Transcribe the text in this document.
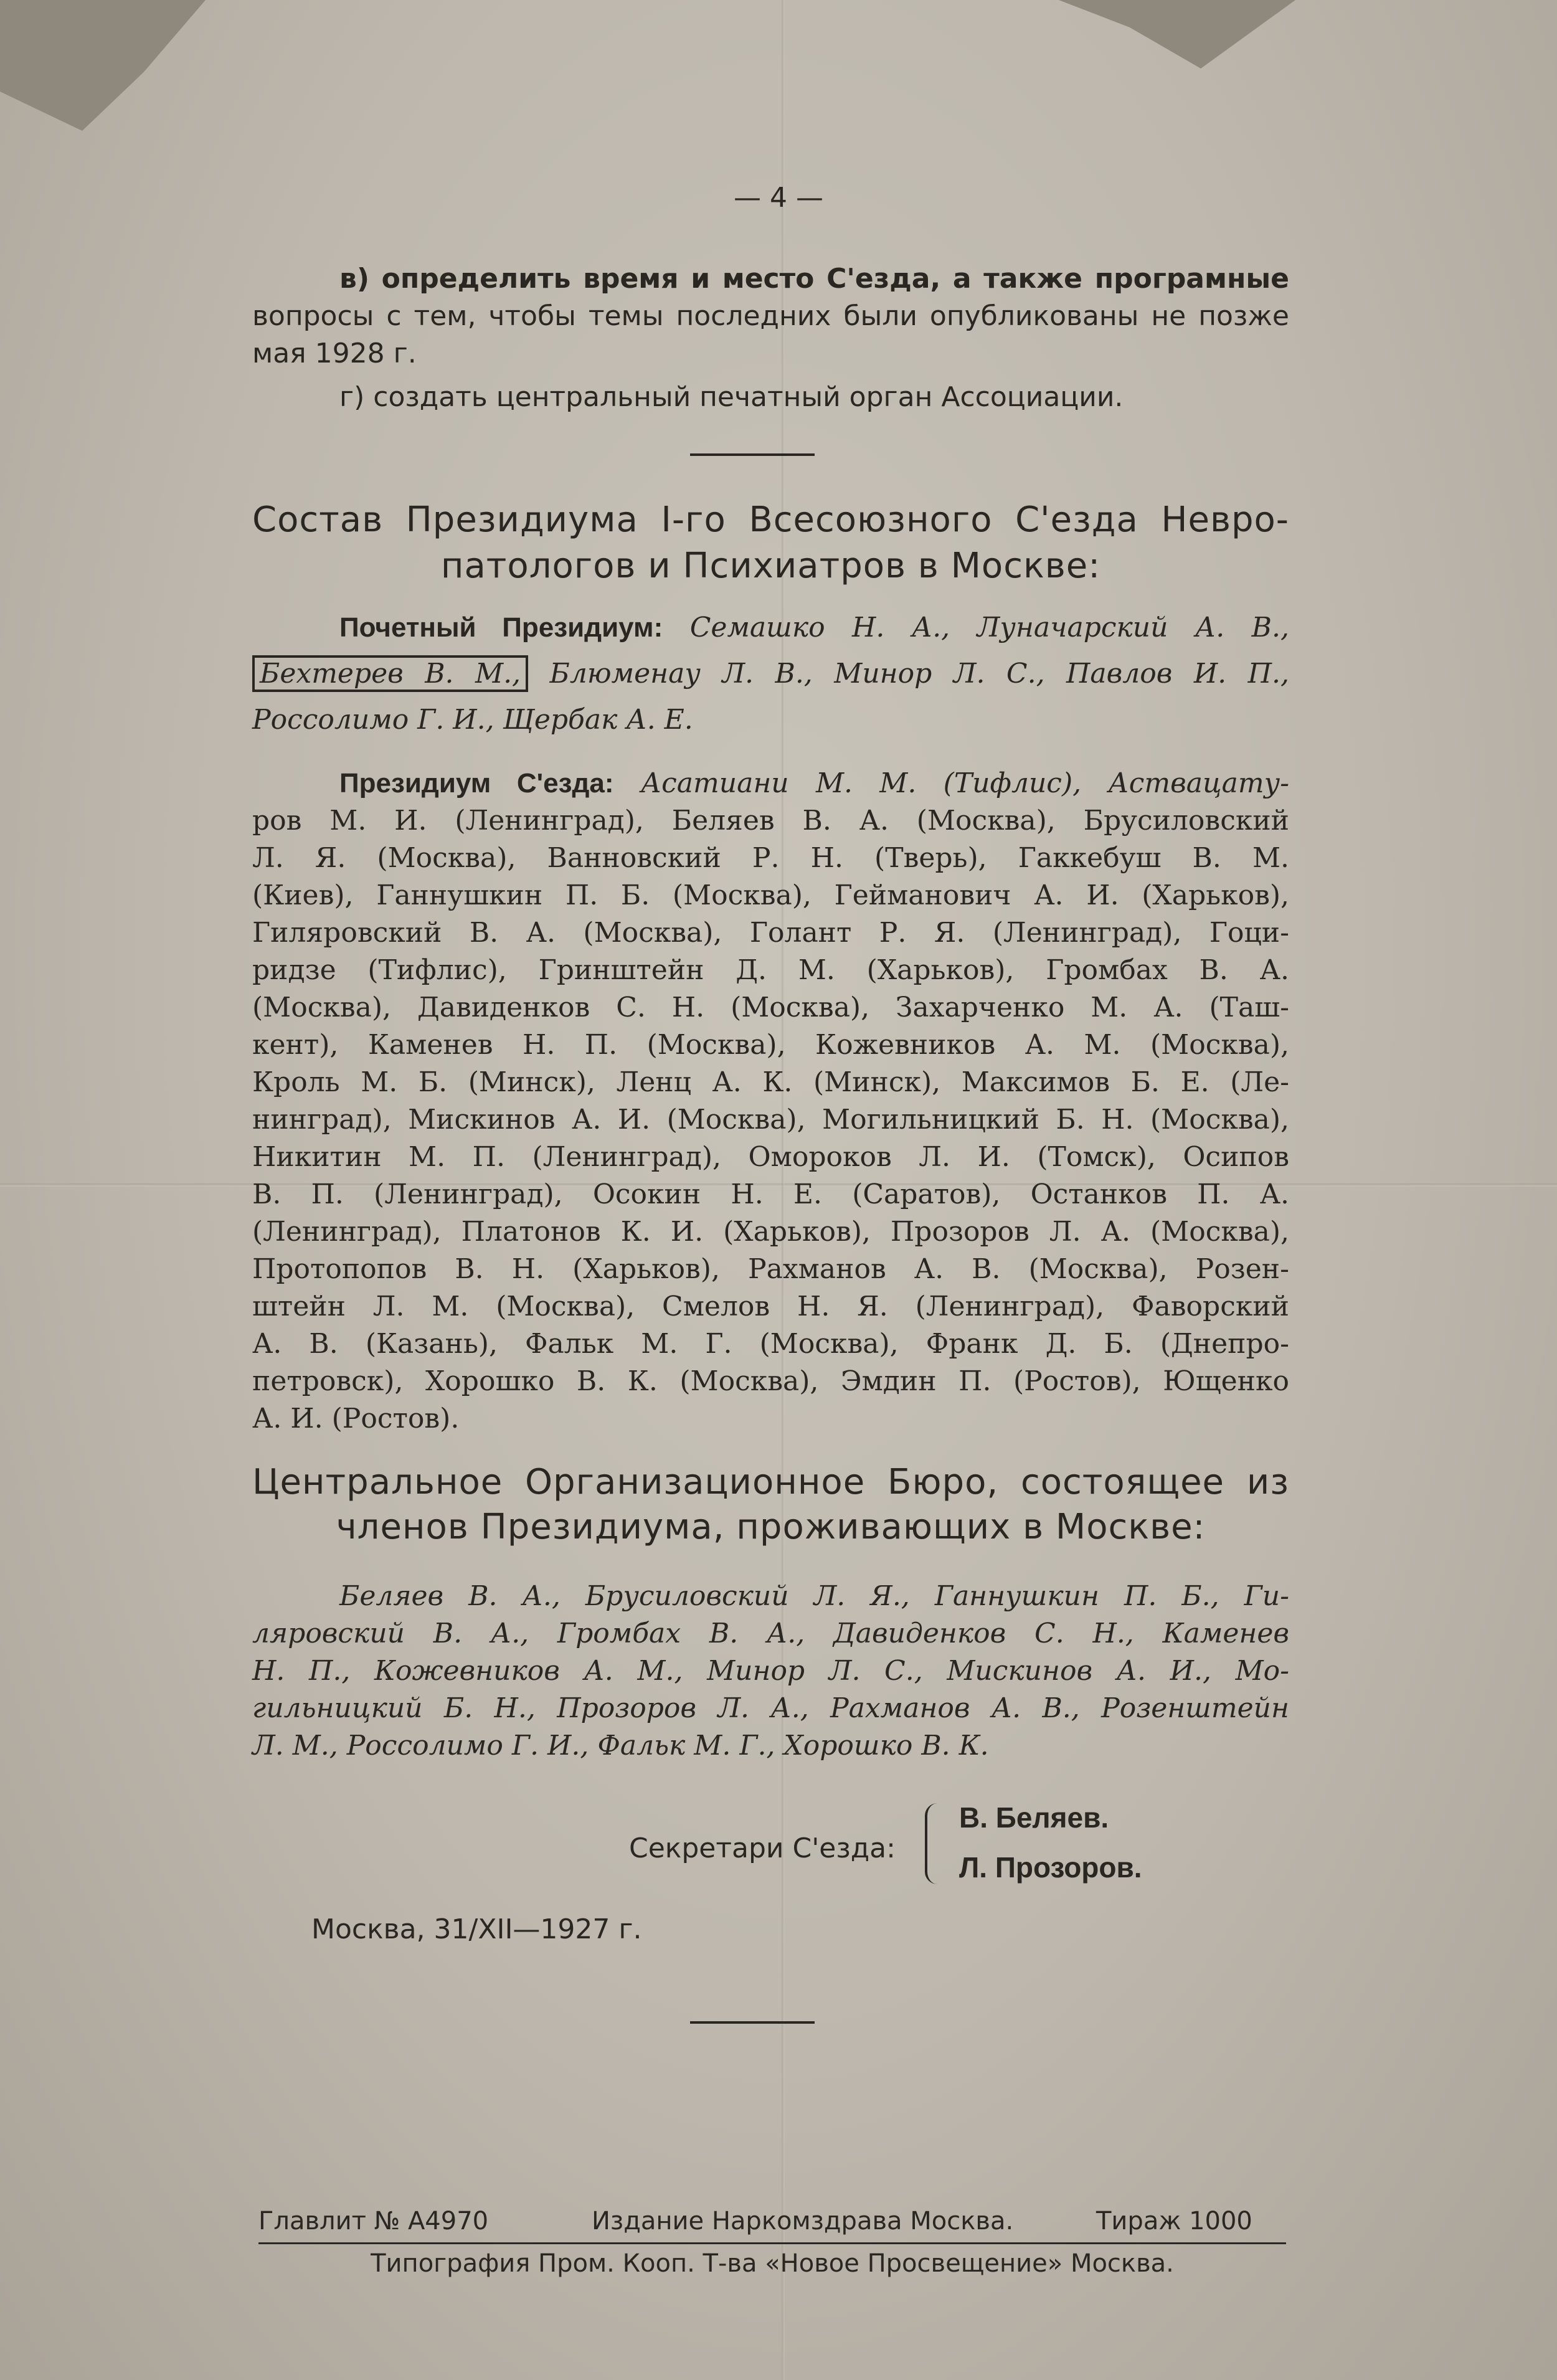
— 4 —
в) определить время и место С'езда, а также програмные
вопросы с тем, чтобы темы последних были опубликованы не позже
мая 1928 г.
г) создать центральный печатный орган Ассоциации.
Состав Президиума I-го Всесоюзного С'езда Невро-
патологов и Психиатров в Москве:
Почетный Президиум: Семашко Н. А., Луначарский А. В.,
Бехтерев В. М., Блюменау Л. В., Минор Л. С., Павлов И. П.,
Россолимо Г. И., Щербак А. Е.
Президиум С'езда: Асатиани М. М. (Тифлис), Аствацату-
ров М. И. (Ленинград), Беляев В. А. (Москва), Брусиловский
Л. Я. (Москва), Ванновский Р. Н. (Тверь), Гаккебуш В. М.
(Киев), Ганнушкин П. Б. (Москва), Гейманович А. И. (Харьков),
Гиляровский В. А. (Москва), Голант Р. Я. (Ленинград), Гоци-
ридзе (Тифлис), Гринштейн Д. М. (Харьков), Громбах В. А.
(Москва), Давиденков С. Н. (Москва), Захарченко М. А. (Таш-
кент), Каменев Н. П. (Москва), Кожевников А. М. (Москва),
Кроль М. Б. (Минск), Ленц А. К. (Минск), Максимов Б. Е. (Ле-
нинград), Мискинов А. И. (Москва), Могильницкий Б. Н. (Москва),
Никитин М. П. (Ленинград), Омороков Л. И. (Томск), Осипов
В. П. (Ленинград), Осокин Н. Е. (Саратов), Останков П. А.
(Ленинград), Платонов К. И. (Харьков), Прозоров Л. А. (Москва),
Протопопов В. Н. (Харьков), Рахманов А. В. (Москва), Розен-
штейн Л. М. (Москва), Смелов Н. Я. (Ленинград), Фаворский
А. В. (Казань), Фальк М. Г. (Москва), Франк Д. Б. (Днепро-
петровск), Хорошко В. К. (Москва), Эмдин П. (Ростов), Ющенко
А. И. (Ростов).
Центральное Организационное Бюро, состоящее из
членов Президиума, проживающих в Москве:
Беляев В. А., Брусиловский Л. Я., Ганнушкин П. Б., Ги-
ляровский В. А., Громбах В. А., Давиденков С. Н., Каменев
Н. П., Кожевников А. М., Минор Л. С., Мискинов А. И., Мо-
гильницкий Б. Н., Прозоров Л. А., Рахманов А. В., Розенштейн
Л. М., Россолимо Г. И., Фальк М. Г., Хорошко В. К.
Секретари С'езда:
В. Беляев.
Л. Прозоров.
Москва, 31/XII—1927 г.
Главлит № А4970	Издание Наркомздрава Москва.	Тираж 1000
Типография Пром. Кооп. Т-ва «Новое Просвещение» Москва.
